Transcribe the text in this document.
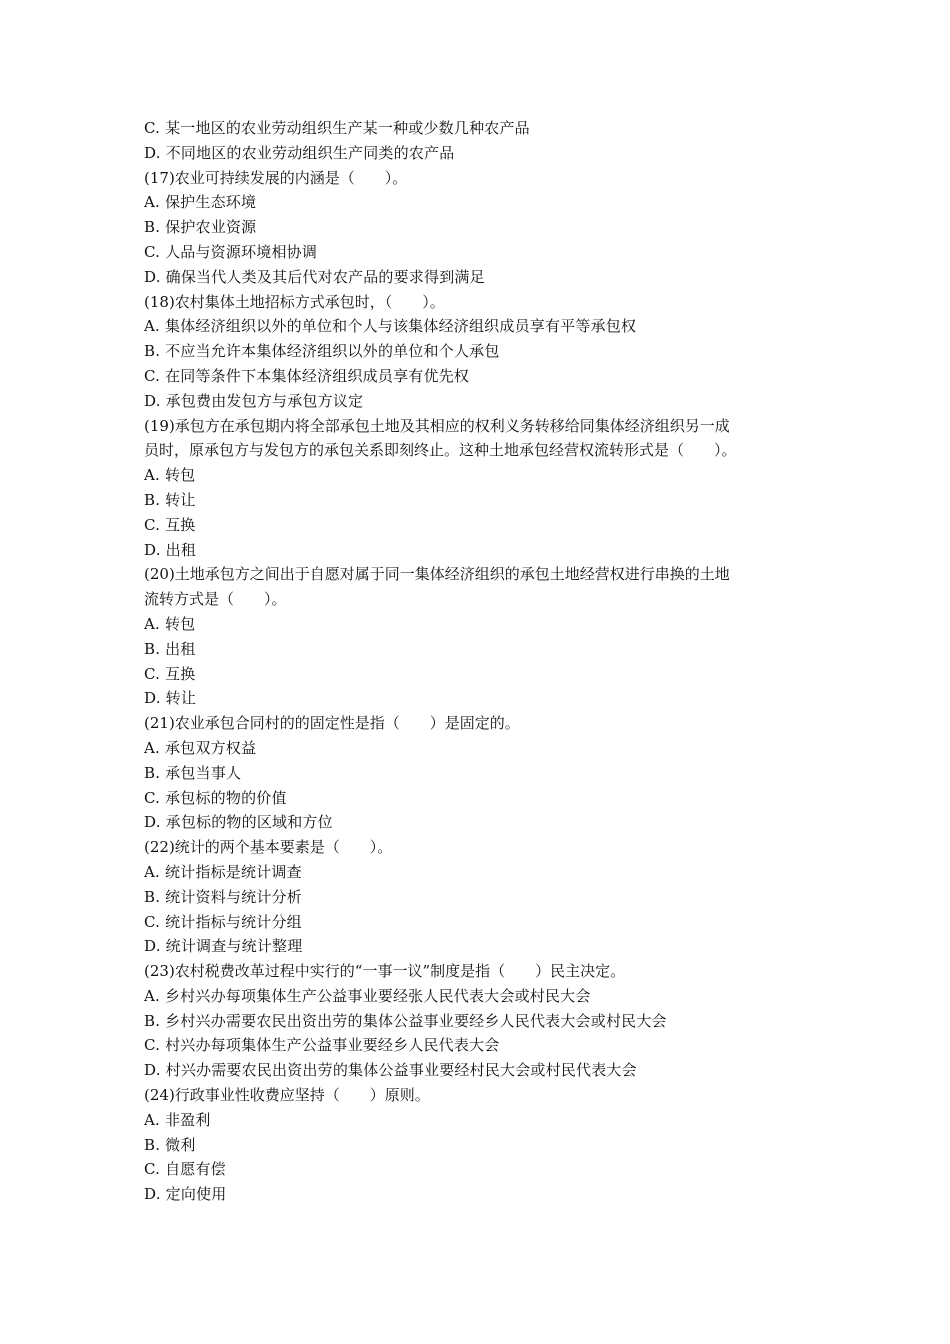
C. 某一地区的农业劳动组织生产某一种或少数几种农产品
D. 不同地区的农业劳动组织生产同类的农产品
(17)农业可持续发展的内涵是（　　）。
A. 保护生态环境
B. 保护农业资源
C. 人品与资源环境相协调
D. 确保当代人类及其后代对农产品的要求得到满足
(18)农村集体土地招标方式承包时，（　　）。
A. 集体经济组织以外的单位和个人与该集体经济组织成员享有平等承包权
B. 不应当允许本集体经济组织以外的单位和个人承包
C. 在同等条件下本集体经济组织成员享有优先权
D. 承包费由发包方与承包方议定
(19)承包方在承包期内将全部承包土地及其相应的权利义务转移给同集体经济组织另一成
员时，原承包方与发包方的承包关系即刻终止。这种土地承包经营权流转形式是（　　）。
A. 转包
B. 转让
C. 互换
D. 出租
(20)土地承包方之间出于自愿对属于同一集体经济组织的承包土地经营权进行串换的土地
流转方式是（　　）。
A. 转包
B. 出租
C. 互换
D. 转让
(21)农业承包合同村的的固定性是指（　　）是固定的。
A. 承包双方权益
B. 承包当事人
C. 承包标的物的价值
D. 承包标的物的区域和方位
(22)统计的两个基本要素是（　　）。
A. 统计指标是统计调查
B. 统计资料与统计分析
C. 统计指标与统计分组
D. 统计调查与统计整理
(23)农村税费改革过程中实行的“一事一议”制度是指（　　）民主决定。
A. 乡村兴办每项集体生产公益事业要经张人民代表大会或村民大会
B. 乡村兴办需要农民出资出劳的集体公益事业要经乡人民代表大会或村民大会
C. 村兴办每项集体生产公益事业要经乡人民代表大会
D. 村兴办需要农民出资出劳的集体公益事业要经村民大会或村民代表大会
(24)行政事业性收费应坚持（　　）原则。
A. 非盈利
B. 微利
C. 自愿有偿
D. 定向使用
